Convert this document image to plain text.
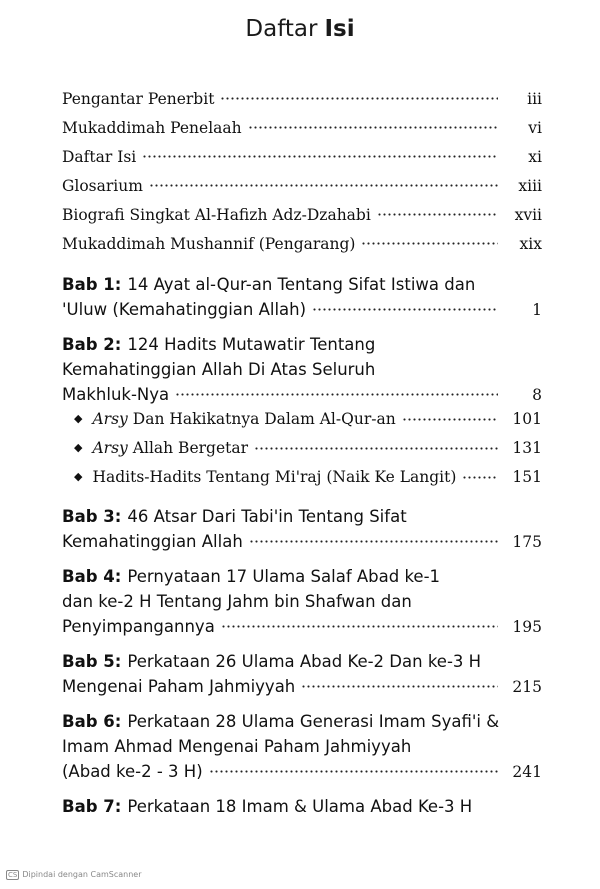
Daftar Isi
Pengantar Penerbit	iii
Mukaddimah Penelaah	vi
Daftar Isi	xi
Glosarium	xiii
Biografi Singkat Al-Hafizh Adz-Dzahabi	xvii
Mukaddimah Mushannif (Pengarang)	xix
Bab 1: 14 Ayat al-Qur-an Tentang Sifat Istiwa dan
'Uluw (Kemahatinggian Allah)	1
Bab 2: 124 Hadits Mutawatir Tentang
Kemahatinggian Allah Di Atas Seluruh
Makhluk-Nya	8
◆ Arsy Dan Hakikatnya Dalam Al-Qur-an	101
◆ Arsy Allah Bergetar	131
◆ Hadits-Hadits Tentang Mi'raj (Naik Ke Langit)	151
Bab 3: 46 Atsar Dari Tabi'in Tentang Sifat
Kemahatinggian Allah	175
Bab 4: Pernyataan 17 Ulama Salaf Abad ke-1
dan ke-2 H Tentang Jahm bin Shafwan dan
Penyimpangannya	195
Bab 5: Perkataan 26 Ulama Abad Ke-2 Dan ke-3 H
Mengenai Paham Jahmiyyah	215
Bab 6: Perkataan 28 Ulama Generasi Imam Syafi'i &
Imam Ahmad Mengenai Paham Jahmiyyah
(Abad ke-2 - 3 H)	241
Bab 7: Perkataan 18 Imam & Ulama Abad Ke-3 H
CS Dipindai dengan CamScanner
